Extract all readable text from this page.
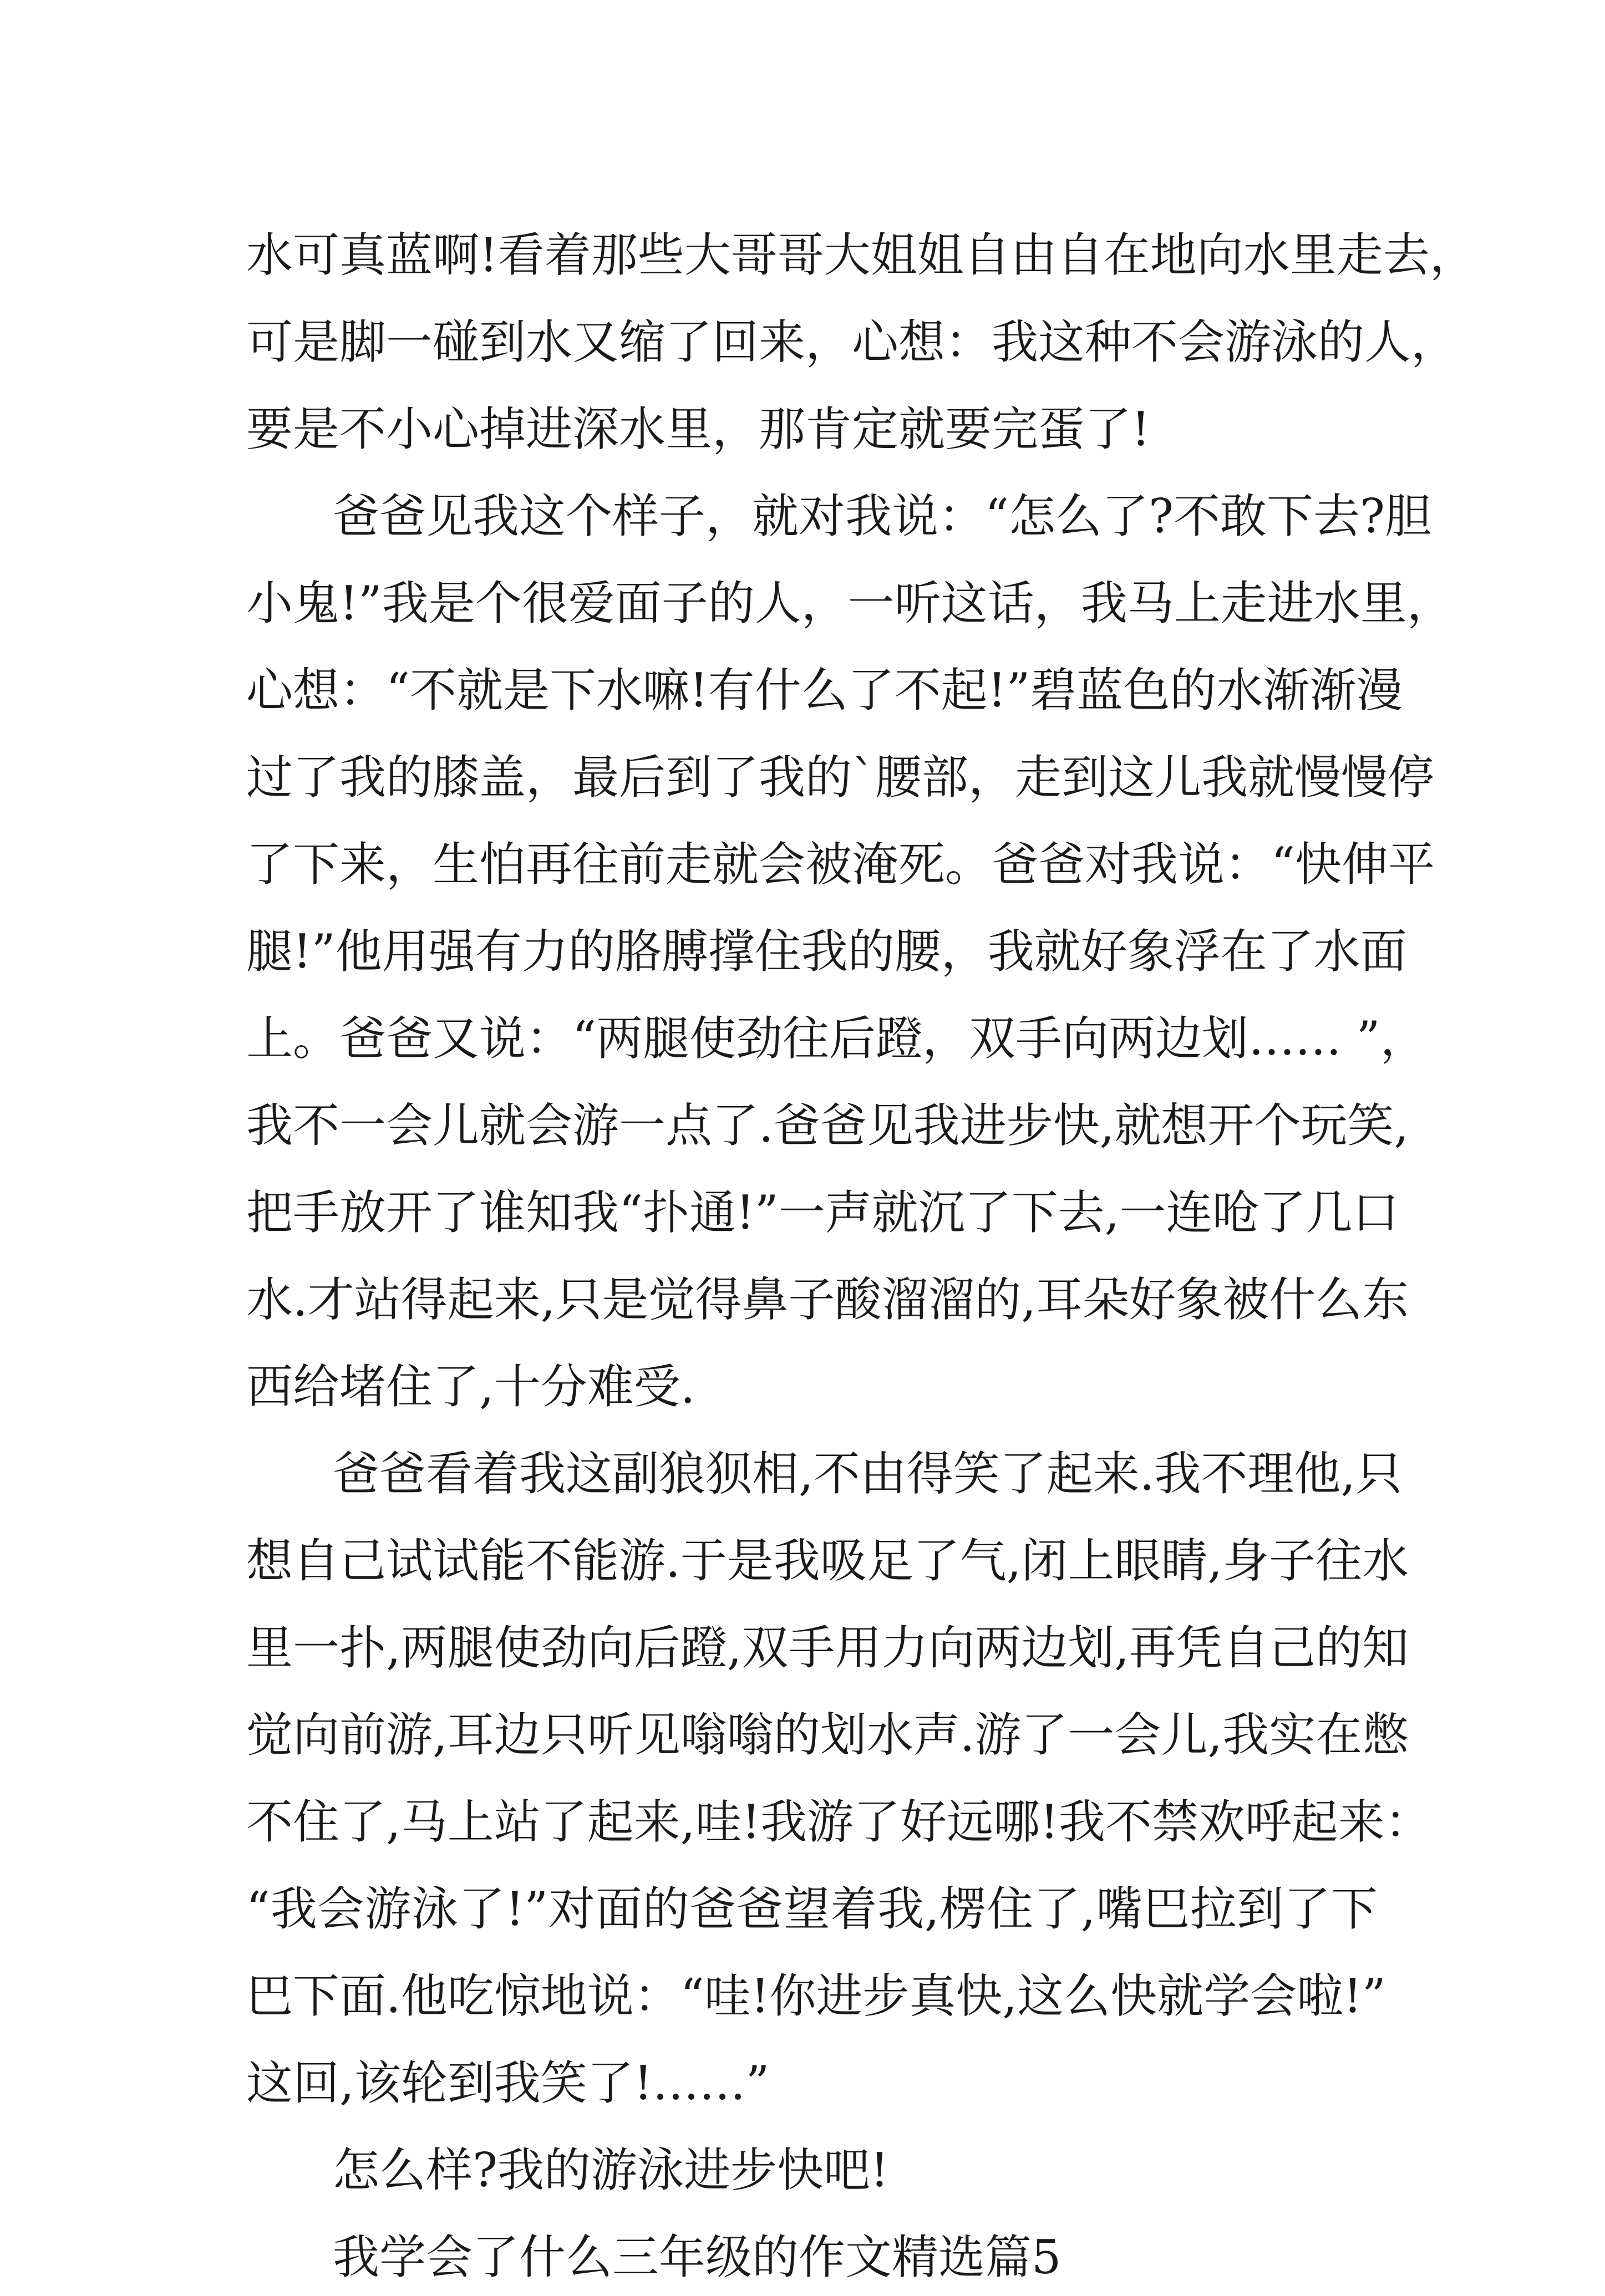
水可真蓝啊!看着那些大哥哥大姐姐自由自在地向水里走去，
可是脚一碰到水又缩了回来，心想：我这种不会游泳的人，
要是不小心掉进深水里，那肯定就要完蛋了!
爸爸见我这个样子，就对我说：“怎么了?不敢下去?胆
小鬼!”我是个很爱面子的人，一听这话，我马上走进水里，
心想：“不就是下水嘛!有什么了不起!”碧蓝色的水渐渐漫
过了我的膝盖，最后到了我的`腰部，走到这儿我就慢慢停
了下来，生怕再往前走就会被淹死。爸爸对我说：“快伸平
腿!”他用强有力的胳膊撑住我的腰，我就好象浮在了水面
上。爸爸又说：“两腿使劲往后蹬，双手向两边划…… ”，
我不一会儿就会游一点了.爸爸见我进步快,就想开个玩笑,
把手放开了谁知我“扑通!”一声就沉了下去,一连呛了几口
水.才站得起来,只是觉得鼻子酸溜溜的,耳朵好象被什么东
西给堵住了,十分难受.
爸爸看着我这副狼狈相,不由得笑了起来.我不理他,只
想自己试试能不能游.于是我吸足了气,闭上眼睛,身子往水
里一扑,两腿使劲向后蹬,双手用力向两边划,再凭自己的知
觉向前游,耳边只听见嗡嗡的划水声.游了一会儿,我实在憋
不住了,马上站了起来,哇!我游了好远哪!我不禁欢呼起来：
“我会游泳了!”对面的爸爸望着我,楞住了,嘴巴拉到了下
巴下面.他吃惊地说：“哇!你进步真快,这么快就学会啦!”
这回,该轮到我笑了!……”
怎么样?我的游泳进步快吧!
我学会了什么三年级的作文精选篇5
